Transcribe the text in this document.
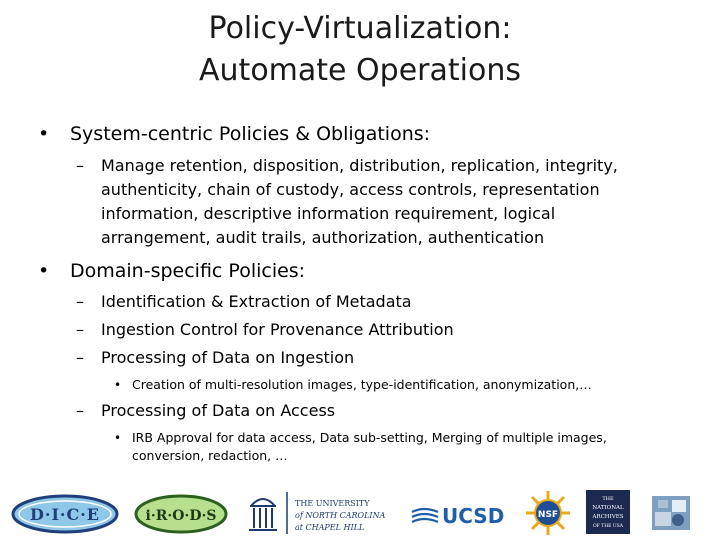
Policy-Virtualization:
Automate Operations
• System-centric Policies & Obligations:
– Manage retention, disposition, distribution, replication, integrity,
authenticity, chain of custody, access controls, representation
information, descriptive information requirement, logical
arrangement, audit trails, authorization, authentication
• Domain-specific Policies:
– Identification & Extraction of Metadata
– Ingestion Control for Provenance Attribution
– Processing of Data on Ingestion
• Creation of multi-resolution images, type-identification, anonymization,…
– Processing of Data on Access
• IRB Approval for data access, Data sub-setting, Merging of multiple images,
conversion, redaction, …
D·I·C·E	i·R·O·D·S
THE UNIVERSITY
of NORTH CAROLINA
at CHAPEL HILL	UCSD	NSF
THE
NATIONAL
ARCHIVES
OF THE USA
